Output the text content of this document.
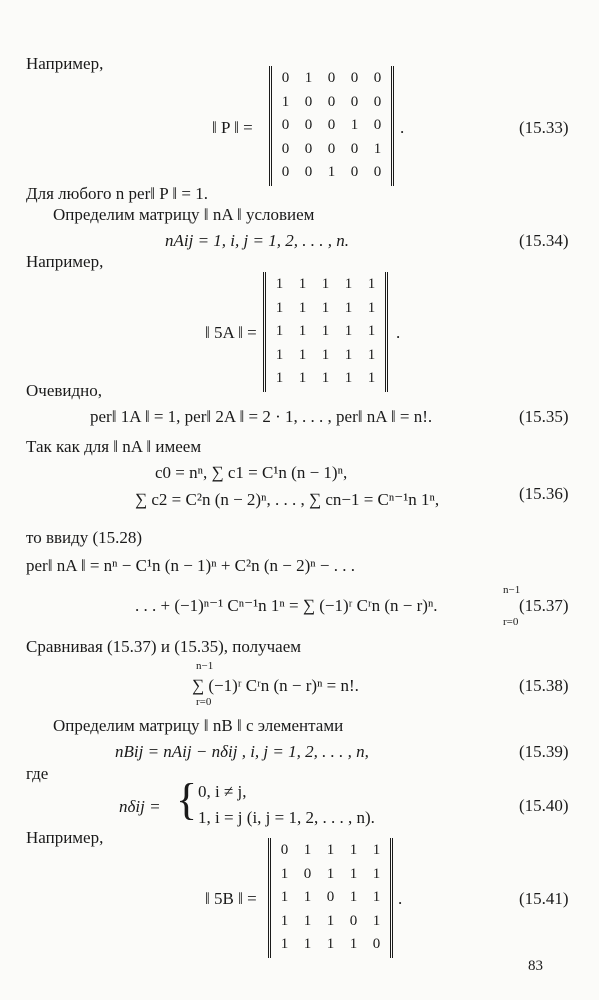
Например,
‖ P ‖ =
0	1	0	0	0
1	0	0	0	0
0	0	0	1	0
0	0	0	0	1
0	0	1	0	0
.	(15.33)
Для любого n per‖ P ‖ = 1.
Определим матрицу ‖ nA ‖ условием
nAij = 1, i, j = 1, 2, . . . , n.	(15.34)
Например,
‖ 5A ‖ =
1	1	1	1	1
1	1	1	1	1
1	1	1	1	1
1	1	1	1	1
1	1	1	1	1
.
Очевидно,
per‖ 1A ‖ = 1, per‖ 2A ‖ = 2 · 1, . . . , per‖ nA ‖ = n!.	(15.35)
Так как для ‖ nA ‖ имеем
c0 = nⁿ, ∑ c1 = C¹n (n − 1)ⁿ,
∑ c2 = C²n (n − 2)ⁿ, . . . , ∑ cn−1 = Cⁿ⁻¹n 1ⁿ,	(15.36)
то ввиду (15.28)
per‖ nA ‖ = nⁿ − C¹n (n − 1)ⁿ + C²n (n − 2)ⁿ − . . .
n−1
. . . + (−1)ⁿ⁻¹ Cⁿ⁻¹n 1ⁿ = ∑ (−1)ʳ Cʳn (n − r)ⁿ.
r=0
(15.37)
Сравнивая (15.37) и (15.35), получаем
n−1
∑ (−1)ʳ Cʳn (n − r)ⁿ = n!.
r=0
(15.38)
Определим матрицу ‖ nB ‖ с элементами
nBij = nAij − nδij , i, j = 1, 2, . . . , n,	(15.39)
где
nδij = { 0, i ≠ j,
1, i = j (i, j = 1, 2, . . . , n).
(15.40)
Например,
‖ 5B ‖ =
0	1	1	1	1
1	0	1	1	1
1	1	0	1	1
1	1	1	0	1
1	1	1	1	0
.	(15.41)
83
